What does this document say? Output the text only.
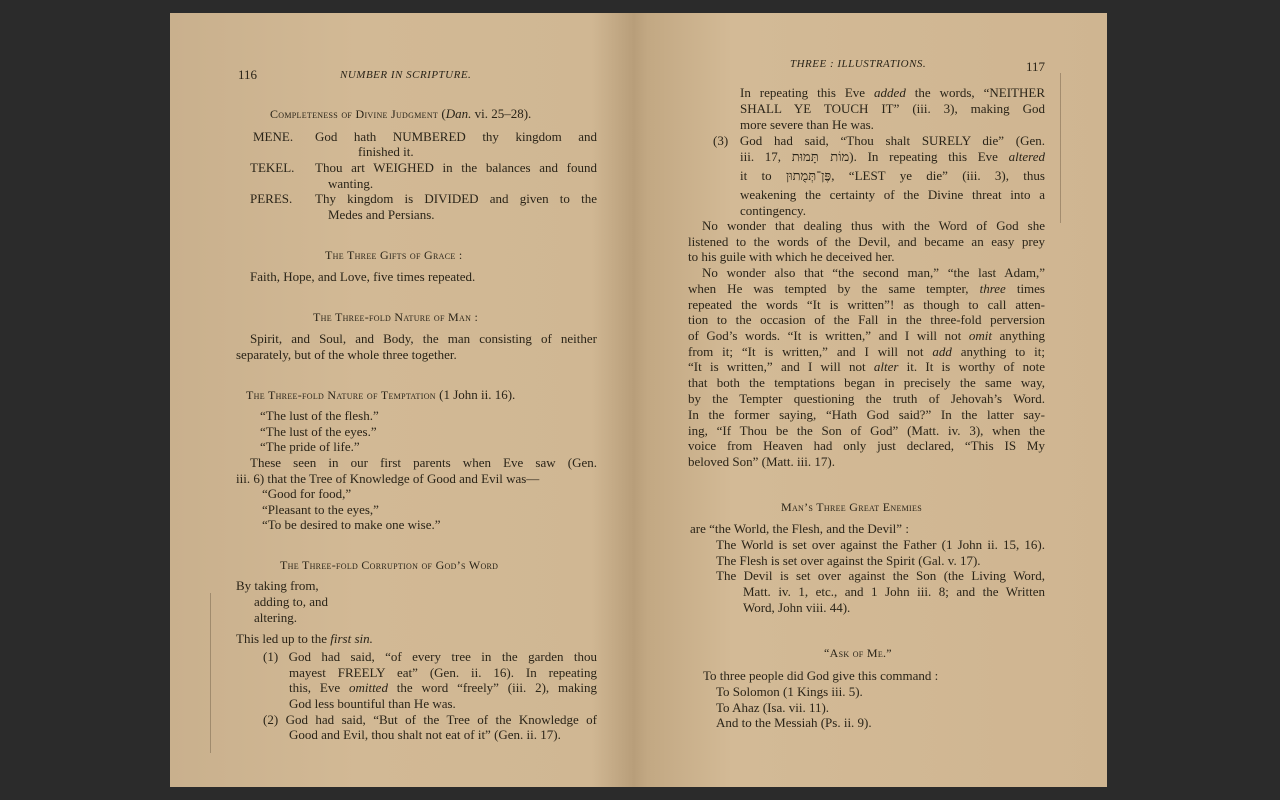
116	NUMBER IN SCRIPTURE.
Completeness of Divine Judgment (Dan. vi. 25–28).
MENE. God hath NUMBERED thy kingdom and
finished it.
TEKEL. Thou art WEIGHED in the balances and found
wanting.
PERES. Thy kingdom is DIVIDED and given to the
Medes and Persians.
The Three Gifts of Grace :
Faith, Hope, and Love, five times repeated.
The Three-fold Nature of Man :
Spirit, and Soul, and Body, the man consisting of neither
separately, but of the whole three together.
The Three-fold Nature of Temptation (1 John ii. 16).
“The lust of the flesh.”
“The lust of the eyes.”
“The pride of life.”
These seen in our first parents when Eve saw (Gen.
iii. 6) that the Tree of Knowledge of Good and Evil was—
“Good for food,”
“Pleasant to the eyes,”
“To be desired to make one wise.”
The Three-fold Corruption of God’s Word
By taking from,
adding to, and
altering.
This led up to the first sin.
(1) God had said, “of every tree in the garden thou
mayest FREELY eat” (Gen. ii. 16). In repeating
this, Eve omitted the word “freely” (iii. 2), making
God less bountiful than He was.
(2) God had said, “But of the Tree of the Knowledge of
Good and Evil, thou shalt not eat of it” (Gen. ii. 17).
THREE : ILLUSTRATIONS.	117
In repeating this Eve added the words, “NEITHER
SHALL YE TOUCH IT” (iii. 3), making God
more severe than He was.
(3) God had said, “Thou shalt SURELY die” (Gen.
iii. 17, מוֹת תָּמוּת). In repeating this Eve altered
it to פֶּן־תְּמֻתוּן, “LEST ye die” (iii. 3), thus
weakening the certainty of the Divine threat into a
contingency.
No wonder that dealing thus with the Word of God she
listened to the words of the Devil, and became an easy prey
to his guile with which he deceived her.
No wonder also that “the second man,” “the last Adam,”
when He was tempted by the same tempter, three times
repeated the words “It is written”! as though to call atten-
tion to the occasion of the Fall in the three-fold perversion
of God’s words. “It is written,” and I will not omit anything
from it; “It is written,” and I will not add anything to it;
“It is written,” and I will not alter it. It is worthy of note
that both the temptations began in precisely the same way,
by the Tempter questioning the truth of Jehovah’s Word.
In the former saying, “Hath God said?” In the latter say-
ing, “If Thou be the Son of God” (Matt. iv. 3), when the
voice from Heaven had only just declared, “This IS My
beloved Son” (Matt. iii. 17).
Man’s Three Great Enemies
are “the World, the Flesh, and the Devil” :
The World is set over against the Father (1 John ii. 15, 16).
The Flesh is set over against the Spirit (Gal. v. 17).
The Devil is set over against the Son (the Living Word,
Matt. iv. 1, etc., and 1 John iii. 8; and the Written
Word, John viii. 44).
“Ask of Me.”
To three people did God give this command :
To Solomon (1 Kings iii. 5).
To Ahaz (Isa. vii. 11).
And to the Messiah (Ps. ii. 9).
